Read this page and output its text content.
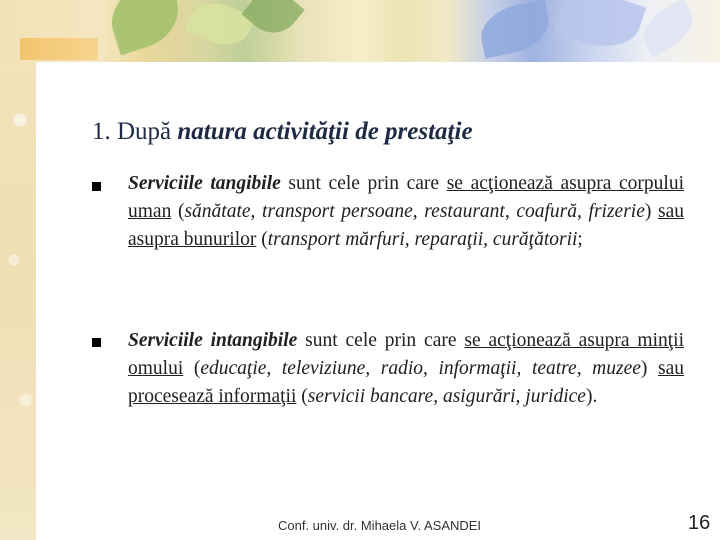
1. După natura activităţii de prestaţie

Serviciile tangibile sunt cele prin care se acţionează asupra corpului uman (sănătate, transport persoane, restaurant, coafură, frizerie) sau asupra bunurilor (transport mărfuri, reparaţii, curăţătorii;

Serviciile intangibile sunt cele prin care se acţionează asupra minţii omului (educaţie, televiziune, radio, informaţii, teatre, muzee) sau procesează informaţii (servicii bancare, asigurări, juridice).

Conf. univ. dr. Mihaela V. ASANDEI	16
